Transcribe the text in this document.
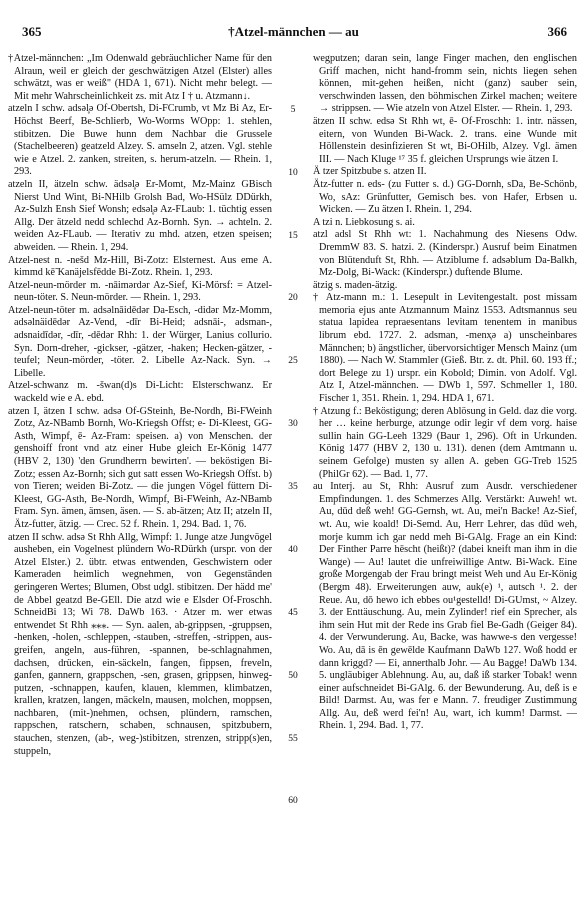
365	†Atzel-männchen — au	366

†Atzel-männchen: „Im Odenwald gebräuchlicher Name für den Alraun, weil er gleich der geschwätzigen Atzel (Elster) alles schwätzt, was er weiß" (HDA 1, 671). Nicht mehr belegt. — Mit mehr Wahrscheinlichkeit zs. mit Atz I † u. Atzmann↓.

atzeln I schw. adsəl̥ə Of-Obertsh, Di-FCrumb, vt Mz Bi Az, Er-Höchst Beerf, Be-Schlierb, Wo-Worms WOpp: 1. stehlen, stibitzen. Die Buwe hunn dem Nachbar die Grussele (Stachelbeeren) geatzeld Alzey. S. amseln 2, atzen. Vgl. stehle wie e Atzel. 2. zanken, streiten, s. herum-atzeln. — Rhein. 1, 293.

atzeln II, ätzeln schw. ädsəl̥ə Er-Momt, Mz-Mainz GBisch Nierst Und Wint, Bi-NHilb Grolsh Bad, Wo-HSülz DDürkh, Az-Sulzh Ensh Sief Wonsh; edsəl̥ə Az-FLaub: 1. tüchtig essen Allg. Der ätzeld nedd schlechd Az-Bornh. Syn. → achteln. 2. weiden Az-FLaub. — Iterativ zu mhd. atzen, etzen speisen; abweiden. — Rhein. 1, 294.

Atzel-nest n. -nešd Mz-Hill, Bi-Zotz: Elsternest. Aus eme A. kimmd kē̃ Kanäjelsfēdde Bi-Zotz. Rhein. 1, 293.

Atzel-neun-mörder m. -nāimərdər Az-Sief, Ki-Mörsf: = Atzel-neun-töter. S. Neun-mörder. — Rhein. 1, 293.

Atzel-neun-töter m. adsəlnāidēdər Da-Esch, -didər Mz-Momm, adsəlnäidēdər Az-Vend, -dīr Bi-Heid; adsnāi-, adsman-, adsnaidīdər, -dīr, -dēdər Rhh: 1. der Würger, Lanius collurio. Syn. Dorn-dreher, -gickser, -gätzer, -haken; Hecken-gätzer, -teufel; Neun-mörder, -töter. 2. Libelle Az-Nack. Syn. → Libelle.

Atzel-schwanz m. -šwan(d)s Di-Licht: Elsterschwanz. Er wackeld wie e A. ebd.

atzen I, ätzen I schw. adsə Of-GSteinh, Be-Nordh, Bi-FWeinh Zotz, Az-NBamb Bornh, Wo-Kriegsh Offst; e- Di-Kleest, GG-Asth, Wimpf, ē- Az-Fram: speisen. a) von Menschen. der genshoiff front vnd atz einer Hube gleich Er-König 1477 (HBV 2, 130) 'den Grundherrn bewirten'. — beköstigen Bi-Zotz; essen Az-Bornh; sich gut satt essen Wo-Kriegsh Offst. b) von Tieren; weiden Bi-Zotz. — die jungen Vögel füttern Di-Kleest, GG-Asth, Be-Nordh, Wimpf, Bi-FWeinh, Az-NBamb Fram. Syn. ämen, ämsen, äsen. — S. ab-ätzen; Atz II; atzeln II, Ätz-futter, ätzig. — Crec. 52 f. Rhein. 1, 294. Bad. 1, 76.

atzen II schw. adsə St Rhh Allg, Wimpf: 1. Junge atze Jungvögel ausheben, ein Vogelnest plündern Wo-RDürkh (urspr. von der Atzel Elster.) 2. übtr. etwas entwenden, Geschwistern oder Kameraden heimlich wegnehmen, von Gegenständen geringeren Wertes; Blumen, Obst udgl. stibitzen. Der hädd me' de Abbel geatzd Be-GEll. Die atzd wie e Elsder Of-Froschh. SchneidBi 13; Wi 78. DaWb 163. · Atzer m. wer etwas entwendet St Rhh ⁎⁎⁎. — Syn. aalen, ab-grippsen, -gruppsen, -henken, -holen, -schleppen, -stauben, -streffen, -strippen, aus-greifen, angeln, aus-führen, -spannen, be-schlagnahmen, dachsen, drücken, ein-säckeln, fangen, fippsen, freveln, ganfen, gannern, grappschen, -sen, grasen, grippsen, hinweg-putzen, -schnappen, kaufen, klauen, klemmen, klimbatzen, krallen, kratzen, langen, mäckeln, mausen, molchen, moppsen, nachbaren, (mit-)nehmen, ochsen, plündern, ramschen, rappschen, ratschern, schaben, schnausen, spitzbubern, stauchen, stenzen, (ab-, weg-)stibitzen, strenzen, stripp(s)en, stuppeln,

5
10
15
20
25
30
35
40
45
50
55
60

wegputzen; daran sein, lange Finger machen, den englischen Griff machen, nicht hand-fromm sein, nichts liegen sehen können, mit-gehen heißen, nicht (ganz) sauber sein, verschwinden lassen, den böhmischen Zirkel machen; weitere → strippsen. — Wie atzeln von Atzel Elster. — Rhein. 1, 293.

ätzen II schw. edsə St Rhh wt, ē- Of-Froschh: 1. intr. nässen, eitern, von Wunden Bi-Wack. 2. trans. eine Wunde mit Höllenstein desinfizieren St wt, Bi-OHilb, Alzey. Vgl. ämen III. — Nach Kluge ¹⁷ 35 f. gleichen Ursprungs wie ätzen I.

Ä tzer Spitzbube s. atzen II.

Ätz-futter n. eds- (zu Futter s. d.) GG-Dornh, sDa, Be-Schönb, Wo, sAz: Grünfutter, Gemisch bes. von Hafer, Erbsen u. Wicken. — Zu ätzen I. Rhein. 1, 294.

A tzi n. Liebkosung s. ai.

atzl adsl St Rhh wt: 1. Nachahmung des Niesens Odw. DremmW 83. S. hatzi. 2. (Kinderspr.) Ausruf beim Einatmen von Blütenduft St, Rhh. — Atziblume f. adsəblum Da-Balkh, Mz-Dolg, Bi-Wack: (Kinderspr.) duftende Blume.

ätzig s. maden-ätzig.

† Atz-mann m.: 1. Lesepult in Levitengestalt. post missam memoria ejus ante Atzmannum Mainz 1553. Adtsmannus seu statua lapidea repraesentans levitam tenentem in manibus librum ebd. 1727. 2. adsman, -menҳə a) unscheinbares Männchen; b) ängstlicher, übervorsichtiger Mensch Mainz (um 1880). — Nach W. Stammler (Gieß. Btr. z. dt. Phil. 60. 193 ff.; dort Belege zu 1) urspr. ein Kobold; Dimin. von Adolf. Vgl. Atz I, Atzel-männchen. — DWb 1, 597. Schmeller 1, 180. Fischer 1, 351. Rhein. 1, 294. HDA 1, 671.

† Atzung f.: Beköstigung; deren Ablösung in Geld. daz die vorg. her … keine herburge, atzunge odir legir vf dem vorg. haise sullin hain GG-Leeh 1329 (Baur 1, 296). Oft in Urkunden. König 1477 (HBV 2, 130 u. 131). denen (dem Amtmann u. seinem Gefolge) musten sy allen A. geben GG-Treb 1525 (PhilGr 62). — Bad. 1, 77.

au Interj. au St, Rhh: Ausruf zum Ausdr. verschiedener Empfindungen. 1. des Schmerzes Allg. Verstärkt: Auweh! wt. Au, dūd deß weh! GG-Gernsh, wt. Au, mei'n Backe! Az-Sief, wt. Au, wie koald! Di-Semd. Au, Herr Lehrer, das dūd weh, morje kumm ich gar nedd meh Bi-GAlg. Frage an ein Kind: Der Finther Parre hēscht (heißt)? (dabei kneift man ihm in die Wange) — Au! lautet die unfreiwillige Antw. Bi-Wack. Eine große Morgengab der Frau bringt meist Weh und Au Er-König (Bergm 48). Erweiterungen auw, auk(e) ¹, autsch ¹. 2. der Reue. Au, dō hewo ich ebbes ou¹gestelld! Di-GUmst, ~ Alzey. 3. der Enttäuschung. Au, mein Zylinder! rief ein Sprecher, als ihm sein Hut mit der Rede ins Grab fiel Be-Gadh (Geiger 84). 4. der Verwunderung. Au, Backe, was hawwe-s den vergesse! Wo. Au, dā is ēn gewēlde Kaufmann DaWb 127. Woß hodd er dann kriggd? — Ei, annerthalb Johr. — Au Bagge! DaWb 134. 5. ungläubiger Ablehnung. Au, au, daß iß starker Tobak! wenn einer aufschneidet Bi-GAlg. 6. der Bewunderung. Au, deß is e Bild! Darmst. Au, was fer e Mann. 7. freudiger Zustimmung Allg. Au, deß werd fei'n! Au, wart, ich kumm! Darmst. — Rhein. 1, 294. Bad. 1, 77.
